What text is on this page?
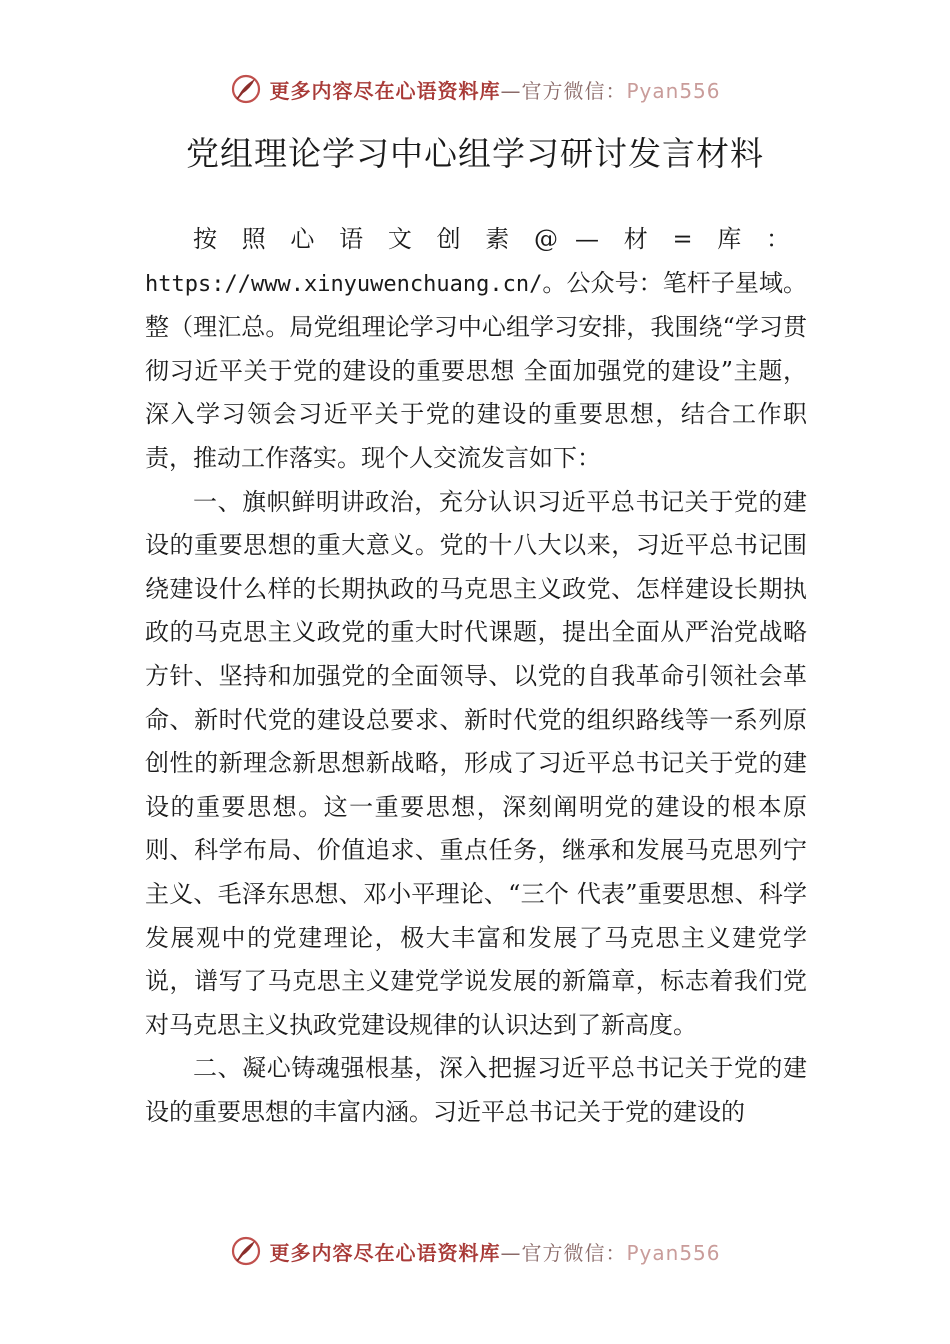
更多内容尽在心语资料库—官方微信：Pyan556
党组理论学习中心组学习研讨发言材料

按照心语文创素@—材=库：https://www.xinyuwenchuang.cn/。公众号：笔杆子星域。整（理汇总。局党组理论学习中心组学习安排，我围绕“学习贯彻习近平关于党的建设的重要思想 全面加强党的建设”主题，深入学习领会习近平关于党的建设的重要思想，结合工作职责，推动工作落实。现个人交流发言如下：

一、旗帜鲜明讲政治，充分认识习近平总书记关于党的建设的重要思想的重大意义。党的十八大以来，习近平总书记围绕建设什么样的长期执政的马克思主义政党、怎样建设长期执政的马克思主义政党的重大时代课题，提出全面从严治党战略方针、坚持和加强党的全面领导、以党的自我革命引领社会革命、新时代党的建设总要求、新时代党的组织路线等一系列原创性的新理念新思想新战略，形成了习近平总书记关于党的建设的重要思想。这一重要思想，深刻阐明党的建设的根本原则、科学布局、价值追求、重点任务，继承和发展马克思列宁主义、毛泽东思想、邓小平理论、“三个 代表”重要思想、科学发展观中的党建理论，极大丰富和发展了马克思主义建党学说，谱写了马克思主义建党学说发展的新篇章，标志着我们党对马克思主义执政党建设规律的认识达到了新高度。

二、凝心铸魂强根基，深入把握习近平总书记关于党的建设的重要思想的丰富内涵。习近平总书记关于党的建设的

更多内容尽在心语资料库—官方微信：Pyan556
